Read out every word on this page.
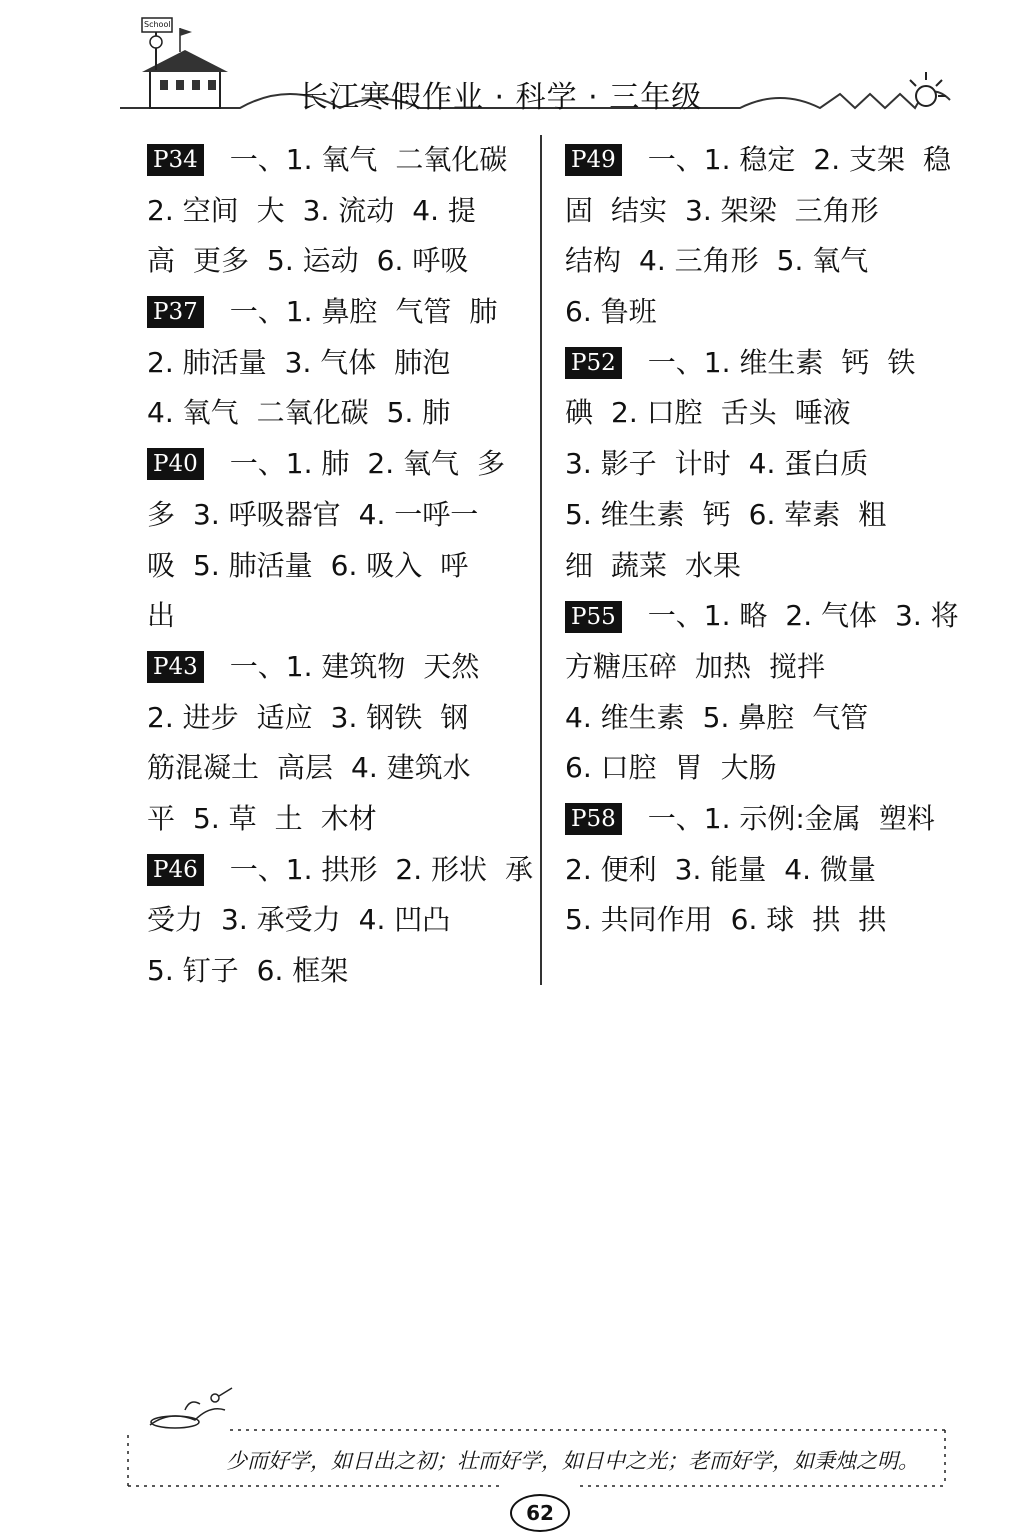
School
长江寒假作业 · 科学 · 三年级
P34 一、1. 氧气 二氧化碳
2. 空间 大 3. 流动 4. 提
高 更多 5. 运动 6. 呼吸
P37 一、1. 鼻腔 气管 肺
2. 肺活量 3. 气体 肺泡
4. 氧气 二氧化碳 5. 肺
P40 一、1. 肺 2. 氧气 多
多 3. 呼吸器官 4. 一呼一
吸 5. 肺活量 6. 吸入 呼
出
P43 一、1. 建筑物 天然
2. 进步 适应 3. 钢铁 钢
筋混凝土 高层 4. 建筑水
平 5. 草 土 木材
P46 一、1. 拱形 2. 形状 承
受力 3. 承受力 4. 凹凸
5. 钉子 6. 框架
P49 一、1. 稳定 2. 支架 稳
固 结实 3. 架梁 三角形
结构 4. 三角形 5. 氧气
6. 鲁班
P52 一、1. 维生素 钙 铁
碘 2. 口腔 舌头 唾液
3. 影子 计时 4. 蛋白质
5. 维生素 钙 6. 荤素 粗
细 蔬菜 水果
P55 一、1. 略 2. 气体 3. 将
方糖压碎 加热 搅拌
4. 维生素 5. 鼻腔 气管
6. 口腔 胃 大肠
P58 一、1. 示例:金属 塑料
2. 便利 3. 能量 4. 微量
5. 共同作用 6. 球 拱 拱
少而好学，如日出之初；壮而好学，如日中之光；老而好学，如秉烛之明。
62
